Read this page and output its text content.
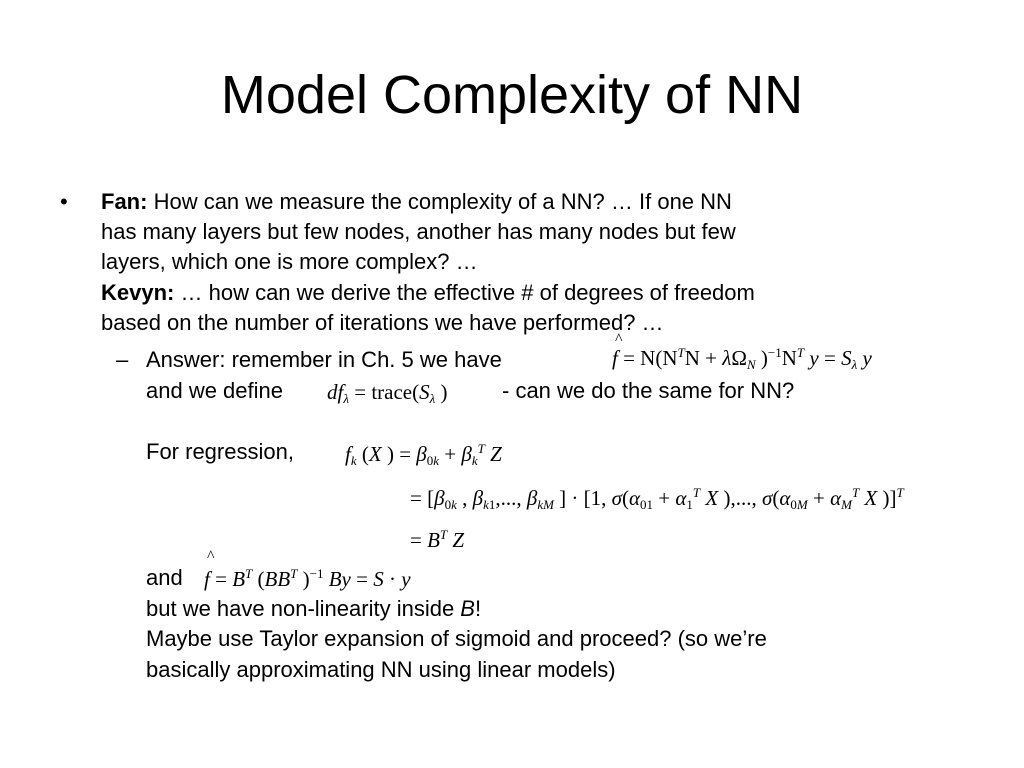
Model Complexity of NN
• Fan: How can we measure the complexity of a NN? … If one NN
has many layers but few nodes, another has many nodes but few
layers, which one is more complex? …
Kevyn: … how can we derive the effective # of degrees of freedom
based on the number of iterations we have performed? …
– Answer: remember in Ch. 5 we have
^
$f = N(N^TN + \lambda\Omega_N$ )$^{-1}N^T$ $y = S_\lambda$ y
and we define $df_\lambda$ = $trace(S_\lambda$ ) - can we do the same for NN?
For regression, $f_k$ (X ) = $\beta_{0k} + \beta_k^T$ Z
= [$\beta_{0k}$ , $\beta_{k1}$,..., $\beta_{kM}$ ] · [1, $\sigma(\alpha_{01} + \alpha_1^T$ X ),..., $\sigma(\alpha_{0M} + \alpha_M^T$ X )]$^T$
= $B^T$ Z
and
^
$f = B^T$ ($BB^T$ )$^{-1}$ By = S · y
but we have non-linearity inside B!
Maybe use Taylor expansion of sigmoid and proceed? (so we’re
basically approximating NN using linear models)
